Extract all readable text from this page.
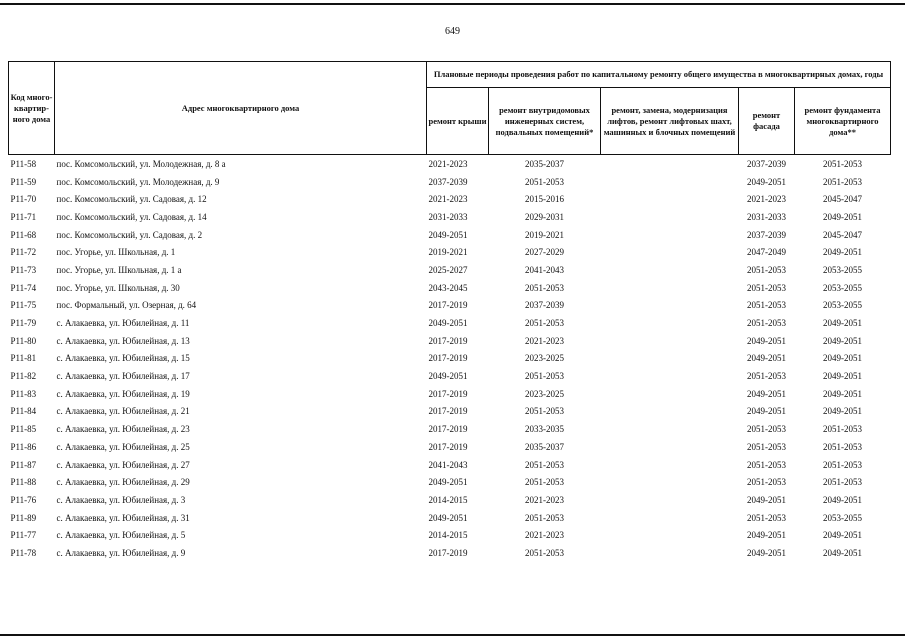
649
Код много-квартир-ного дома	Адрес многоквартирного дома	Плановые периоды проведения работ по капитальному ремонту общего имущества в многоквартирных домах, годы				
		ремонт крыши	ремонт внутридомовых инженерных систем, подвальных помещений*	ремонт, замена, модернизация лифтов, ремонт лифтовых шахт, машинных и блочных помещений	ремонт фасада	ремонт фундамента многоквартирного дома**
P11-58	пос. Комсомольский, ул. Молодежная, д. 8 а	2021-2023	2035-2037		2037-2039	2051-2053
P11-59	пос. Комсомольский, ул. Молодежная, д. 9	2037-2039	2051-2053		2049-2051	2051-2053
P11-70	пос. Комсомольский, ул. Садовая, д. 12	2021-2023	2015-2016		2021-2023	2045-2047
P11-71	пос. Комсомольский, ул. Садовая, д. 14	2031-2033	2029-2031		2031-2033	2049-2051
P11-68	пос. Комсомольский, ул. Садовая, д. 2	2049-2051	2019-2021		2037-2039	2045-2047
P11-72	пос. Угорье, ул. Школьная, д. 1	2019-2021	2027-2029		2047-2049	2049-2051
P11-73	пос. Угорье, ул. Школьная, д. 1 а	2025-2027	2041-2043		2051-2053	2053-2055
P11-74	пос. Угорье, ул. Школьная, д. 30	2043-2045	2051-2053		2051-2053	2053-2055
P11-75	пос. Формальный, ул. Озерная, д. 64	2017-2019	2037-2039		2051-2053	2053-2055
P11-79	с. Алакаевка, ул. Юбилейная, д. 11	2049-2051	2051-2053		2051-2053	2049-2051
P11-80	с. Алакаевка, ул. Юбилейная, д. 13	2017-2019	2021-2023		2049-2051	2049-2051
P11-81	с. Алакаевка, ул. Юбилейная, д. 15	2017-2019	2023-2025		2049-2051	2049-2051
P11-82	с. Алакаевка, ул. Юбилейная, д. 17	2049-2051	2051-2053		2051-2053	2049-2051
P11-83	с. Алакаевка, ул. Юбилейная, д. 19	2017-2019	2023-2025		2049-2051	2049-2051
P11-84	с. Алакаевка, ул. Юбилейная, д. 21	2017-2019	2051-2053		2049-2051	2049-2051
P11-85	с. Алакаевка, ул. Юбилейная, д. 23	2017-2019	2033-2035		2051-2053	2051-2053
P11-86	с. Алакаевка, ул. Юбилейная, д. 25	2017-2019	2035-2037		2051-2053	2051-2053
P11-87	с. Алакаевка, ул. Юбилейная, д. 27	2041-2043	2051-2053		2051-2053	2051-2053
P11-88	с. Алакаевка, ул. Юбилейная, д. 29	2049-2051	2051-2053		2051-2053	2051-2053
P11-76	с. Алакаевка, ул. Юбилейная, д. 3	2014-2015	2021-2023		2049-2051	2049-2051
P11-89	с. Алакаевка, ул. Юбилейная, д. 31	2049-2051	2051-2053		2051-2053	2053-2055
P11-77	с. Алакаевка, ул. Юбилейная, д. 5	2014-2015	2021-2023		2049-2051	2049-2051
P11-78	с. Алакаевка, ул. Юбилейная, д. 9	2017-2019	2051-2053		2049-2051	2049-2051
